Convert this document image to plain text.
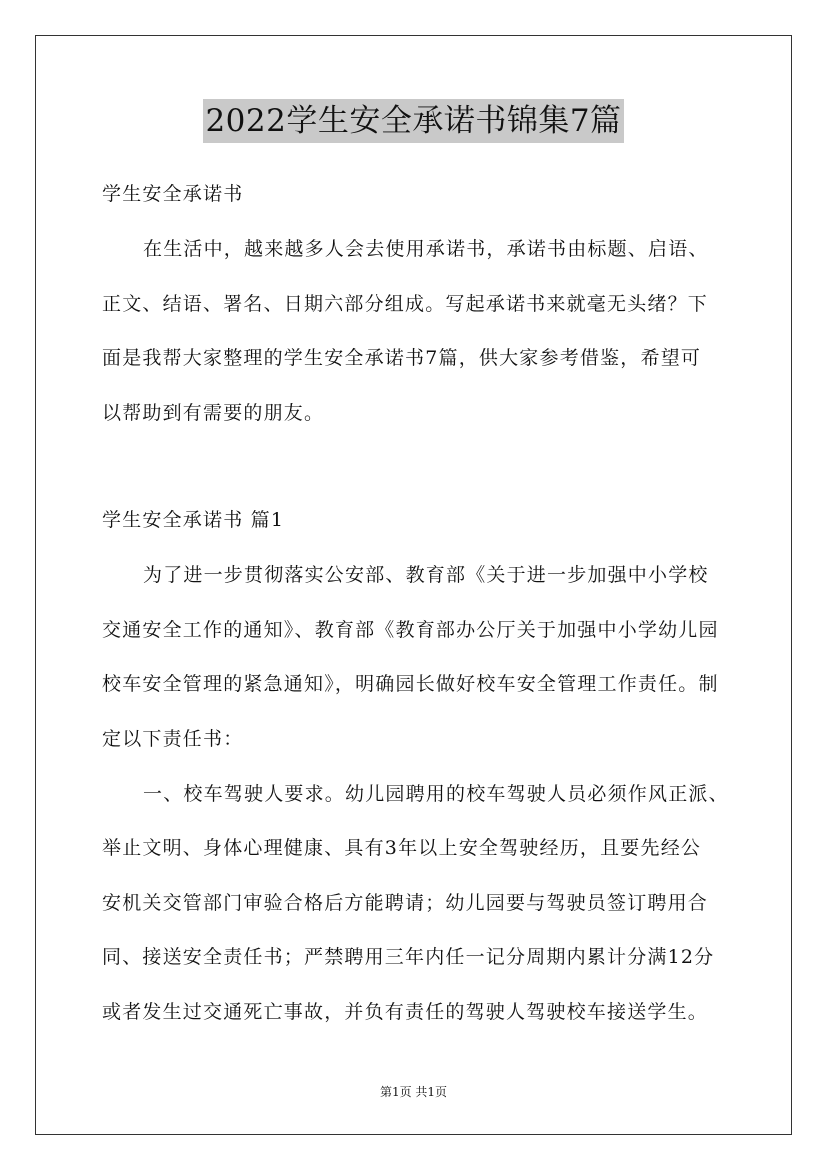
2022学生安全承诺书锦集7篇
学生安全承诺书
在生活中，越来越多人会去使用承诺书，承诺书由标题、启语、
正文、结语、署名、日期六部分组成。写起承诺书来就毫无头绪？下
面是我帮大家整理的学生安全承诺书7篇，供大家参考借鉴，希望可
以帮助到有需要的朋友。
学生安全承诺书 篇1
为了进一步贯彻落实公安部、教育部《关于进一步加强中小学校
交通安全工作的通知》、教育部《教育部办公厅关于加强中小学幼儿园
校车安全管理的紧急通知》，明确园长做好校车安全管理工作责任。制
定以下责任书：
一、校车驾驶人要求。幼儿园聘用的校车驾驶人员必须作风正派、
举止文明、身体心理健康、具有3年以上安全驾驶经历，且要先经公
安机关交管部门审验合格后方能聘请；幼儿园要与驾驶员签订聘用合
同、接送安全责任书；严禁聘用三年内任一记分周期内累计分满12分
或者发生过交通死亡事故，并负有责任的驾驶人驾驶校车接送学生。
第1页 共1页
